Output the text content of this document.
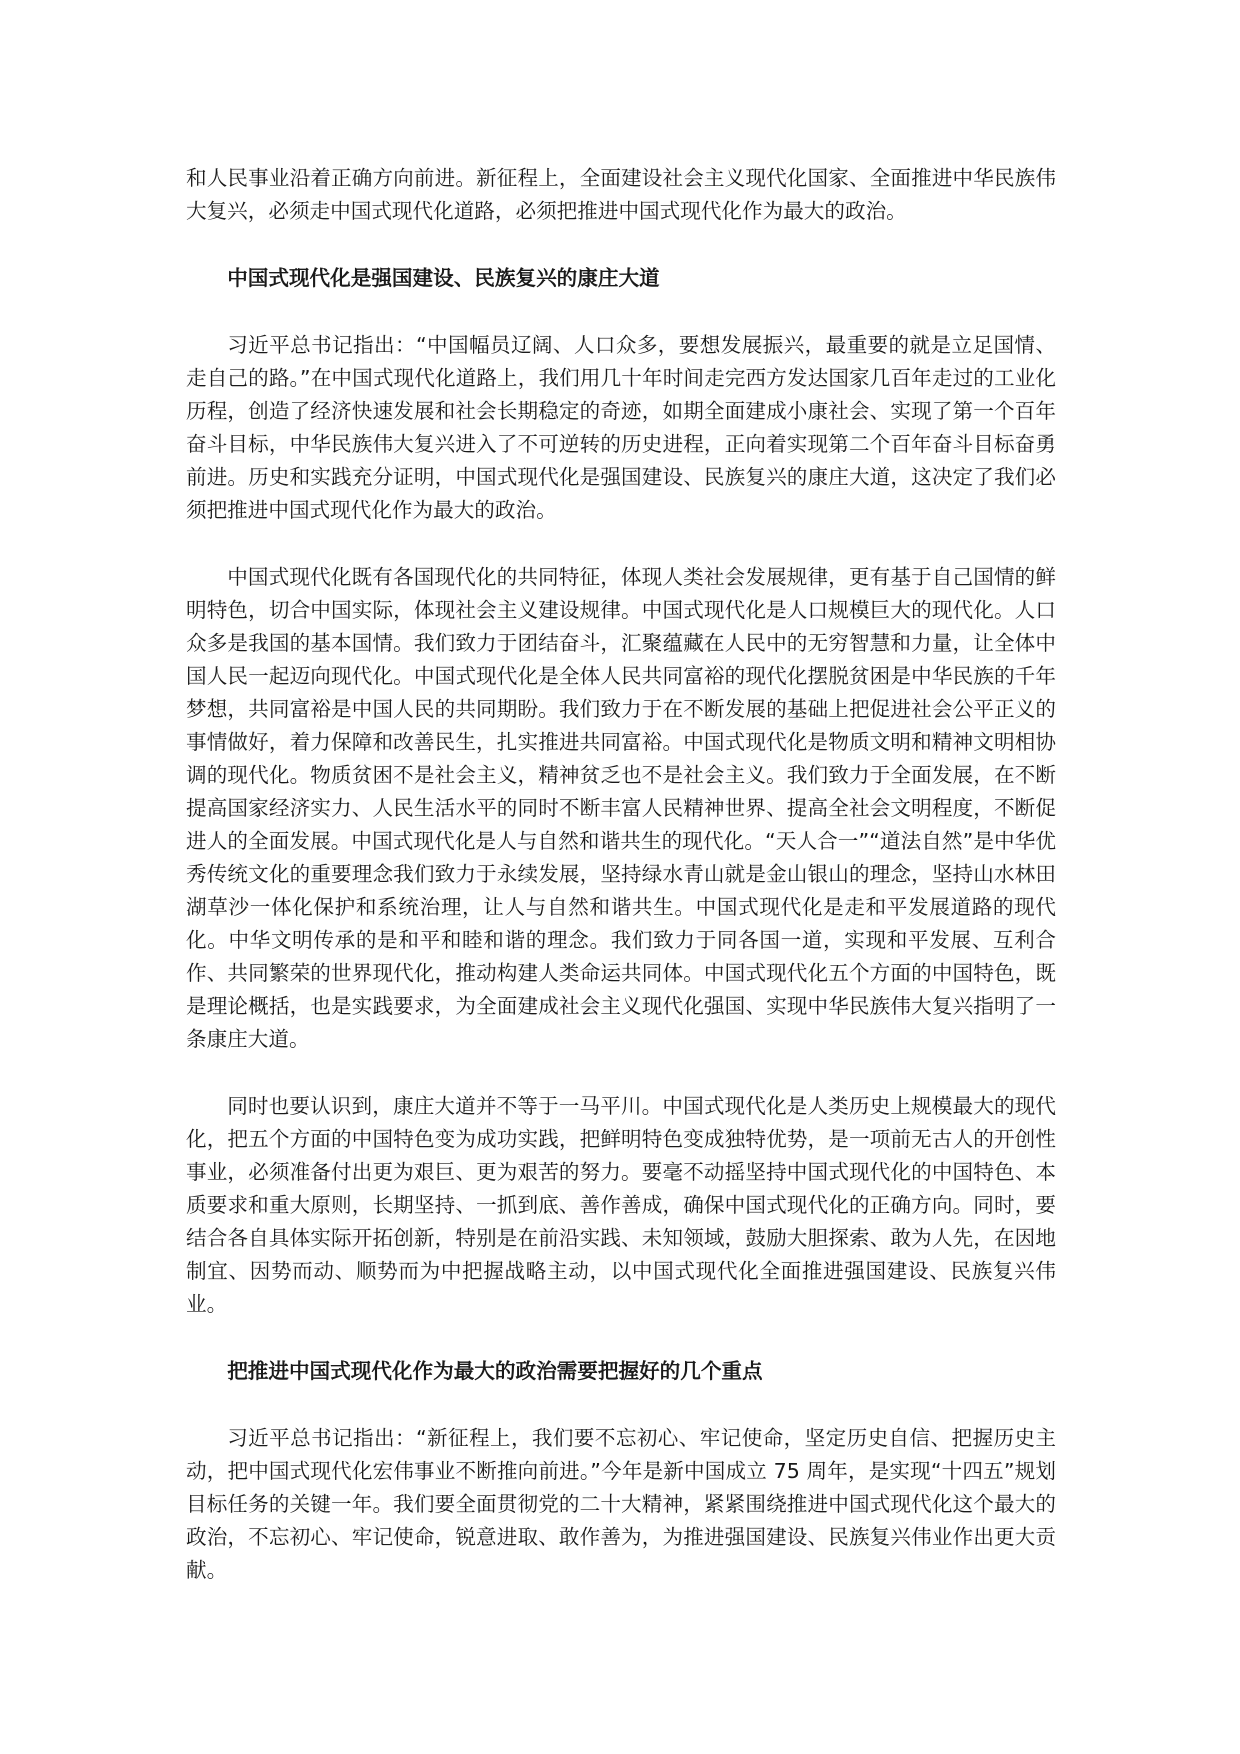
和人民事业沿着正确方向前进。新征程上，全面建设社会主义现代化国家、全面推进中华民族伟大复兴，必须走中国式现代化道路，必须把推进中国式现代化作为最大的政治。

中国式现代化是强国建设、民族复兴的康庄大道

习近平总书记指出：“中国幅员辽阔、人口众多，要想发展振兴，最重要的就是立足国情、走自己的路。”在中国式现代化道路上，我们用几十年时间走完西方发达国家几百年走过的工业化历程，创造了经济快速发展和社会长期稳定的奇迹，如期全面建成小康社会、实现了第一个百年奋斗目标，中华民族伟大复兴进入了不可逆转的历史进程，正向着实现第二个百年奋斗目标奋勇前进。历史和实践充分证明，中国式现代化是强国建设、民族复兴的康庄大道，这决定了我们必须把推进中国式现代化作为最大的政治。

中国式现代化既有各国现代化的共同特征，体现人类社会发展规律，更有基于自己国情的鲜明特色，切合中国实际，体现社会主义建设规律。中国式现代化是人口规模巨大的现代化。人口众多是我国的基本国情。我们致力于团结奋斗，汇聚蕴藏在人民中的无穷智慧和力量，让全体中国人民一起迈向现代化。中国式现代化是全体人民共同富裕的现代化摆脱贫困是中华民族的千年梦想，共同富裕是中国人民的共同期盼。我们致力于在不断发展的基础上把促进社会公平正义的事情做好，着力保障和改善民生，扎实推进共同富裕。中国式现代化是物质文明和精神文明相协调的现代化。物质贫困不是社会主义，精神贫乏也不是社会主义。我们致力于全面发展，在不断提高国家经济实力、人民生活水平的同时不断丰富人民精神世界、提高全社会文明程度，不断促进人的全面发展。中国式现代化是人与自然和谐共生的现代化。“天人合一”“道法自然”是中华优秀传统文化的重要理念我们致力于永续发展，坚持绿水青山就是金山银山的理念，坚持山水林田湖草沙一体化保护和系统治理，让人与自然和谐共生。中国式现代化是走和平发展道路的现代化。中华文明传承的是和平和睦和谐的理念。我们致力于同各国一道，实现和平发展、互利合作、共同繁荣的世界现代化，推动构建人类命运共同体。中国式现代化五个方面的中国特色，既是理论概括，也是实践要求，为全面建成社会主义现代化强国、实现中华民族伟大复兴指明了一条康庄大道。

同时也要认识到，康庄大道并不等于一马平川。中国式现代化是人类历史上规模最大的现代化，把五个方面的中国特色变为成功实践，把鲜明特色变成独特优势，是一项前无古人的开创性事业，必须准备付出更为艰巨、更为艰苦的努力。要毫不动摇坚持中国式现代化的中国特色、本质要求和重大原则，长期坚持、一抓到底、善作善成，确保中国式现代化的正确方向。同时，要结合各自具体实际开拓创新，特别是在前沿实践、未知领域，鼓励大胆探索、敢为人先，在因地制宜、因势而动、顺势而为中把握战略主动，以中国式现代化全面推进强国建设、民族复兴伟业。

把推进中国式现代化作为最大的政治需要把握好的几个重点

习近平总书记指出：“新征程上，我们要不忘初心、牢记使命，坚定历史自信、把握历史主动，把中国式现代化宏伟事业不断推向前进。”今年是新中国成立 75 周年，是实现“十四五”规划目标任务的关键一年。我们要全面贯彻党的二十大精神，紧紧围绕推进中国式现代化这个最大的政治，不忘初心、牢记使命，锐意进取、敢作善为，为推进强国建设、民族复兴伟业作出更大贡献。
